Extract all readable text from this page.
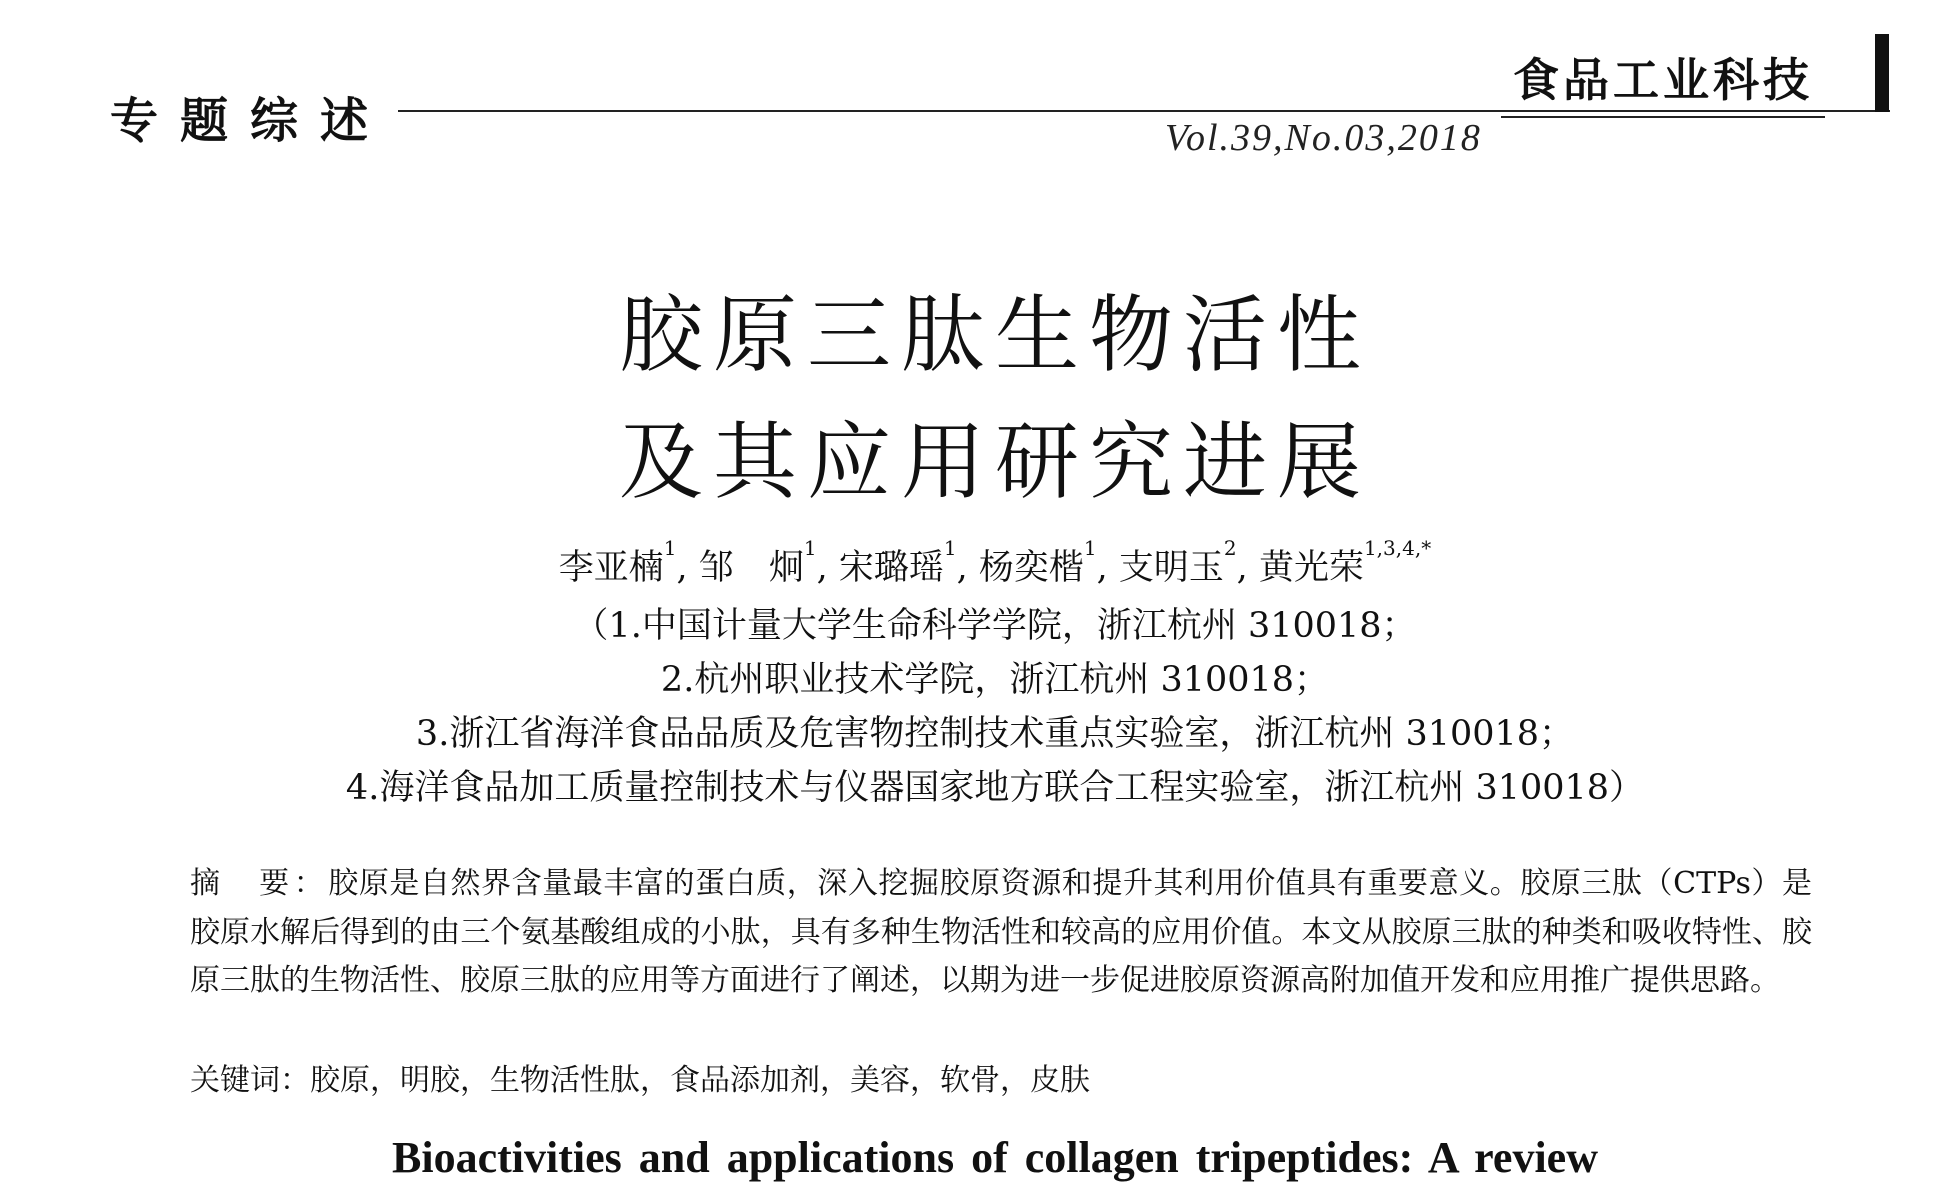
专题综述
食品工业科技
Vol.39,No.03,2018
胶原三肽生物活性
及其应用研究进展
李亚楠$^1$, 邹　炯$^1$, 宋璐瑶$^1$, 杨奕楷$^1$, 支明玉$^2$, 黄光荣$^{1,3,4,*}$
（1.中国计量大学生命科学学院，浙江杭州 310018；
2.杭州职业技术学院，浙江杭州 310018；
3.浙江省海洋食品品质及危害物控制技术重点实验室，浙江杭州 310018；
4.海洋食品加工质量控制技术与仪器国家地方联合工程实验室，浙江杭州 310018）
摘　要：胶原是自然界含量最丰富的蛋白质，深入挖掘胶原资源和提升其利用价值具有重要意义。胶原三肽（CTPs）是胶原水解后得到的由三个氨基酸组成的小肽，具有多种生物活性和较高的应用价值。本文从胶原三肽的种类和吸收特性、胶原三肽的生物活性、胶原三肽的应用等方面进行了阐述，以期为进一步促进胶原资源高附加值开发和应用推广提供思路。
关键词：胶原，明胶，生物活性肽，食品添加剂，美容，软骨，皮肤
Bioactivities and applications of collagen tripeptides: A review
